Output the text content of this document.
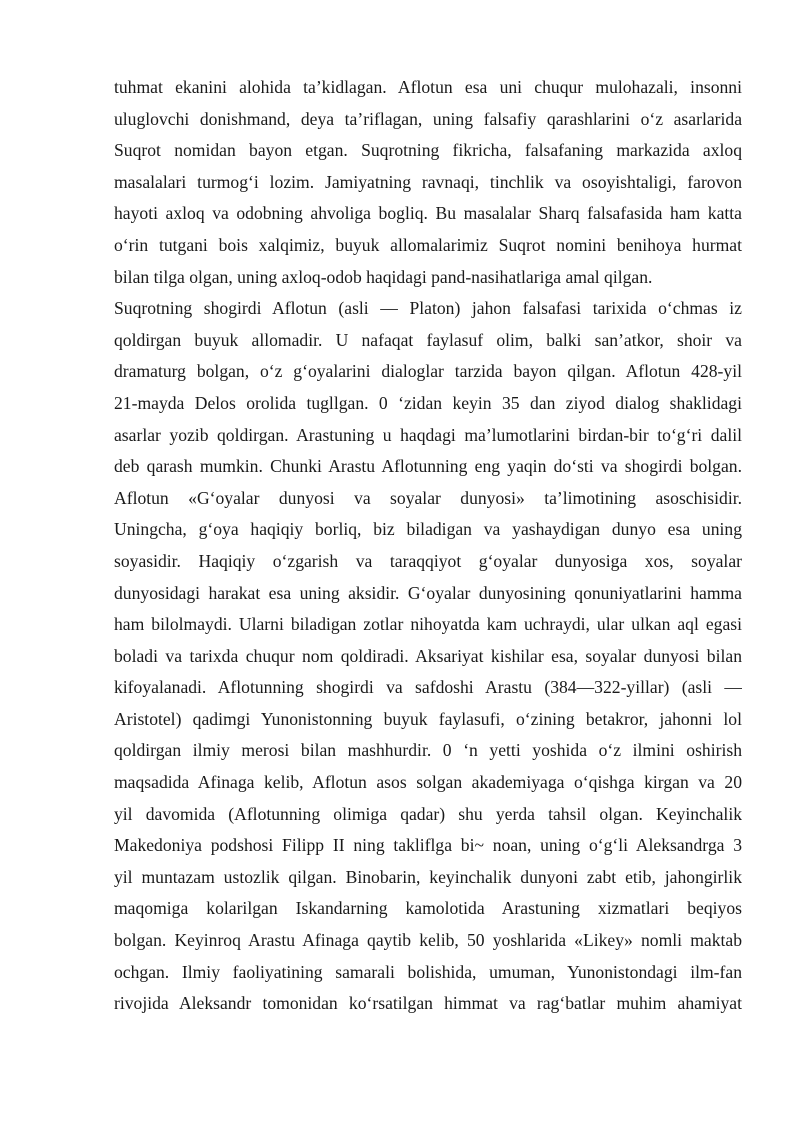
tuhmat ekanini alohida ta’kidlagan. Aflotun esa uni chuqur mulohazali, insonni
uluglovchi donishmand, deya ta’riflagan, uning falsafiy qarashlarini o‘z asarlarida
Suqrot nomidan bayon etgan. Suqrotning fikricha, falsafaning markazida axloq
masalalari turmog‘i lozim. Jamiyatning ravnaqi, tinchlik va osoyishtaligi, farovon
hayoti axloq va odobning ahvoliga bogliq. Bu masalalar Sharq falsafasida ham katta
o‘rin tutgani bois xalqimiz, buyuk allomalarimiz Suqrot nomini benihoya hurmat
bilan tilga olgan, uning axloq-odob haqidagi pand-nasihatlariga amal qilgan.
Suqrotning shogirdi Aflotun (asli — Platon) jahon falsafasi tarixida o‘chmas iz
qoldirgan buyuk allomadir. U nafaqat faylasuf olim, balki san’atkor, shoir va
dramaturg bolgan, o‘z g‘oyalarini dialoglar tarzida bayon qilgan. Aflotun 428-yil
21-mayda Delos orolida tugllgan. 0 ‘zidan keyin 35 dan ziyod dialog shaklidagi
asarlar yozib qoldirgan. Arastuning u haqdagi ma’lumotlarini birdan-bir to‘g‘ri dalil
deb qarash mumkin. Chunki Arastu Aflotunning eng yaqin do‘sti va shogirdi bolgan.
Aflotun «G‘oyalar dunyosi va soyalar dunyosi» ta’limotining asoschisidir.
Uningcha, g‘oya haqiqiy borliq, biz biladigan va yashaydigan dunyo esa uning
soyasidir. Haqiqiy o‘zgarish va taraqqiyot g‘oyalar dunyosiga xos, soyalar
dunyosidagi harakat esa uning aksidir. G‘oyalar dunyosining qonuniyatlarini hamma
ham bilolmaydi. Ularni biladigan zotlar nihoyatda kam uchraydi, ular ulkan aql egasi
boladi va tarixda chuqur nom qoldiradi. Aksariyat kishilar esa, soyalar dunyosi bilan
kifoyalanadi. Aflotunning shogirdi va safdoshi Arastu (384—322-yillar) (asli —
Aristotel) qadimgi Yunonistonning buyuk faylasufi, o‘zining betakror, jahonni lol
qoldirgan ilmiy merosi bilan mashhurdir. 0 ‘n yetti yoshida o‘z ilmini oshirish
maqsadida Afinaga kelib, Aflotun asos solgan akademiyaga o‘qishga kirgan va 20
yil davomida (Aflotunning olimiga qadar) shu yerda tahsil olgan. Keyinchalik
Makedoniya podshosi Filipp II ning takliflga bi~ noan, uning o‘g‘li Aleksandrga 3
yil muntazam ustozlik qilgan. Binobarin, keyinchalik dunyoni zabt etib, jahongirlik
maqomiga kolarilgan Iskandarning kamolotida Arastuning xizmatlari beqiyos
bolgan. Keyinroq Arastu Afinaga qaytib kelib, 50 yoshlarida «Likey» nomli maktab
ochgan. Ilmiy faoliyatining samarali bolishida, umuman, Yunonistondagi ilm-fan
rivojida Aleksandr tomonidan ko‘rsatilgan himmat va rag‘batlar muhim ahamiyat
